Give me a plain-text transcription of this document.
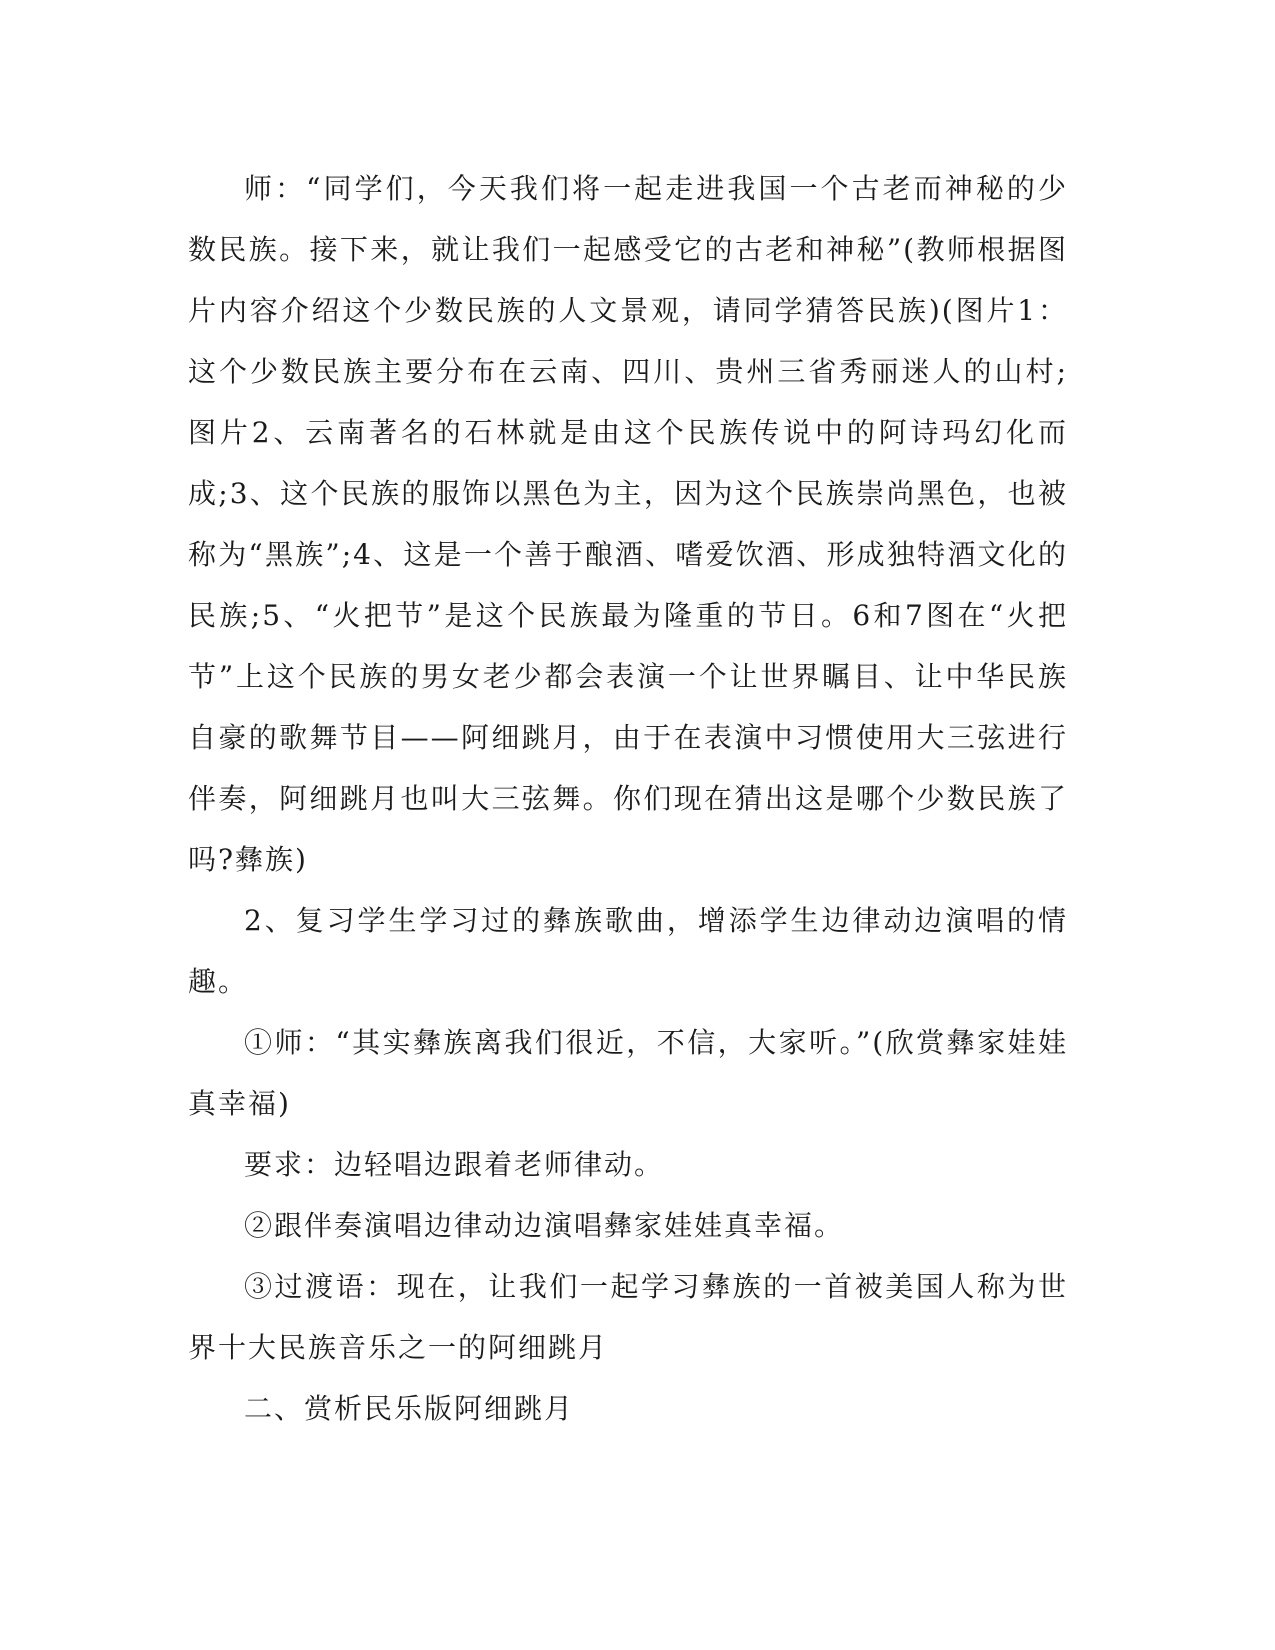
师：“同学们，今天我们将一起走进我国一个古老而神秘的少数民族。接下来，就让我们一起感受它的古老和神秘”(教师根据图片内容介绍这个少数民族的人文景观，请同学猜答民族)(图片1：这个少数民族主要分布在云南、四川、贵州三省秀丽迷人的山村;图片2、云南著名的石林就是由这个民族传说中的阿诗玛幻化而成;3、这个民族的服饰以黑色为主，因为这个民族崇尚黑色，也被称为“黑族”;4、这是一个善于酿酒、嗜爱饮酒、形成独特酒文化的民族;5、“火把节”是这个民族最为隆重的节日。6和7图在“火把节”上这个民族的男女老少都会表演一个让世界瞩目、让中华民族自豪的歌舞节目——阿细跳月，由于在表演中习惯使用大三弦进行伴奏，阿细跳月也叫大三弦舞。你们现在猜出这是哪个少数民族了吗?彝族)

2、复习学生学习过的彝族歌曲，增添学生边律动边演唱的情趣。

①师：“其实彝族离我们很近，不信，大家听。”(欣赏彝家娃娃真幸福)

要求：边轻唱边跟着老师律动。

②跟伴奏演唱边律动边演唱彝家娃娃真幸福。

③过渡语：现在，让我们一起学习彝族的一首被美国人称为世界十大民族音乐之一的阿细跳月

二、赏析民乐版阿细跳月
